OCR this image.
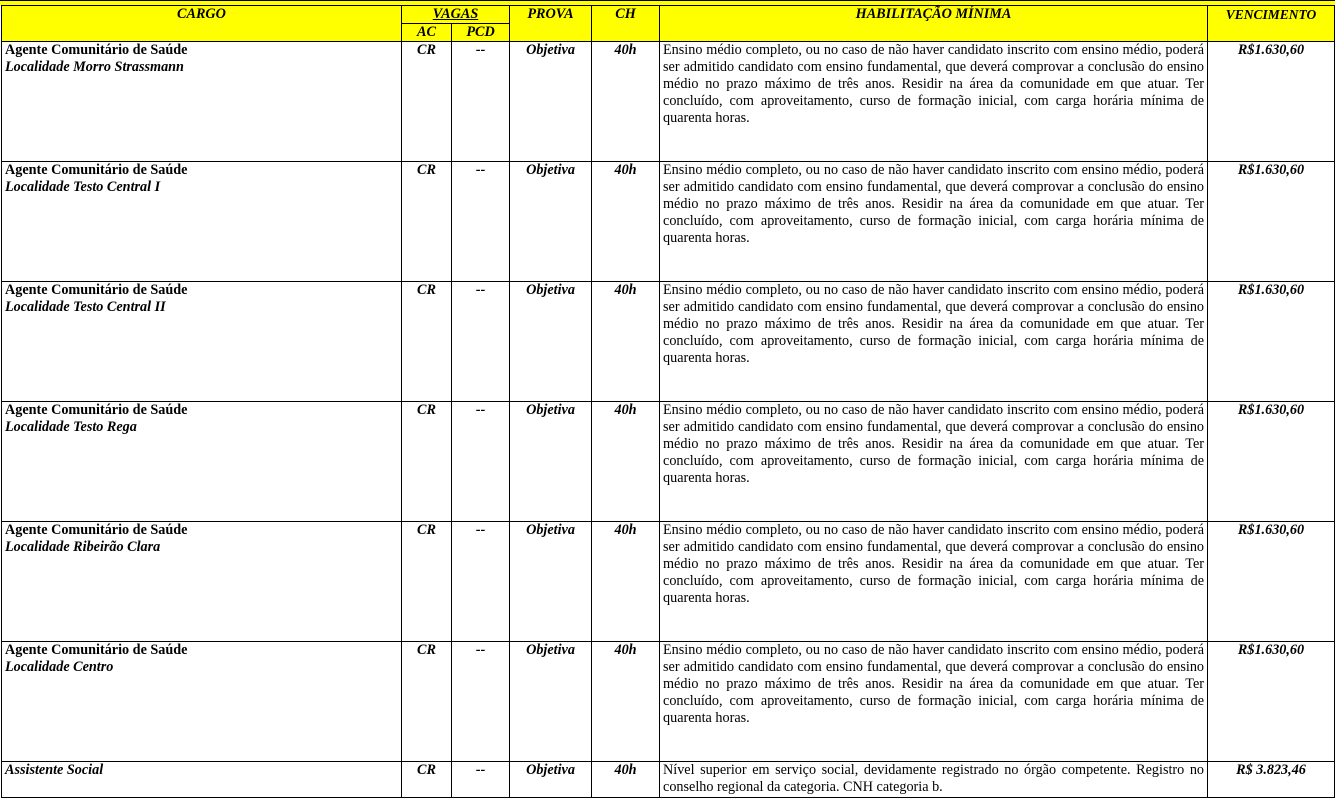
CARGO	VAGAS		PROVA	CH	HABILITAÇÃO MÍNIMA	VENCIMENTO
	AC	PCD				

Agente Comunitário de Saúde
Localidade Morro Strassmann	CR	--	Objetiva	40h	Ensino médio completo, ou no caso de não haver candidato inscrito com ensino médio, poderá ser admitido candidato com ensino fundamental, que deverá comprovar a conclusão do ensino médio no prazo máximo de três anos. Residir na área da comunidade em que atuar. Ter concluído, com aproveitamento, curso de formação inicial, com carga horária mínima de quarenta horas.	R$1.630,60

Agente Comunitário de Saúde
Localidade Testo Central I	CR	--	Objetiva	40h	Ensino médio completo, ou no caso de não haver candidato inscrito com ensino médio, poderá ser admitido candidato com ensino fundamental, que deverá comprovar a conclusão do ensino médio no prazo máximo de três anos. Residir na área da comunidade em que atuar. Ter concluído, com aproveitamento, curso de formação inicial, com carga horária mínima de quarenta horas.	R$1.630,60

Agente Comunitário de Saúde
Localidade Testo Central II	CR	--	Objetiva	40h	Ensino médio completo, ou no caso de não haver candidato inscrito com ensino médio, poderá ser admitido candidato com ensino fundamental, que deverá comprovar a conclusão do ensino médio no prazo máximo de três anos. Residir na área da comunidade em que atuar. Ter concluído, com aproveitamento, curso de formação inicial, com carga horária mínima de quarenta horas.	R$1.630,60

Agente Comunitário de Saúde
Localidade Testo Rega	CR	--	Objetiva	40h	Ensino médio completo, ou no caso de não haver candidato inscrito com ensino médio, poderá ser admitido candidato com ensino fundamental, que deverá comprovar a conclusão do ensino médio no prazo máximo de três anos. Residir na área da comunidade em que atuar. Ter concluído, com aproveitamento, curso de formação inicial, com carga horária mínima de quarenta horas.	R$1.630,60

Agente Comunitário de Saúde
Localidade Ribeirão Clara	CR	--	Objetiva	40h	Ensino médio completo, ou no caso de não haver candidato inscrito com ensino médio, poderá ser admitido candidato com ensino fundamental, que deverá comprovar a conclusão do ensino médio no prazo máximo de três anos. Residir na área da comunidade em que atuar. Ter concluído, com aproveitamento, curso de formação inicial, com carga horária mínima de quarenta horas.	R$1.630,60

Agente Comunitário de Saúde
Localidade Centro	CR	--	Objetiva	40h	Ensino médio completo, ou no caso de não haver candidato inscrito com ensino médio, poderá ser admitido candidato com ensino fundamental, que deverá comprovar a conclusão do ensino médio no prazo máximo de três anos. Residir na área da comunidade em que atuar. Ter concluído, com aproveitamento, curso de formação inicial, com carga horária mínima de quarenta horas.	R$1.630,60

Assistente Social	CR	--	Objetiva	40h	Nível superior em serviço social, devidamente registrado no órgão competente. Registro no conselho regional da categoria. CNH categoria b.	R$ 3.823,46
